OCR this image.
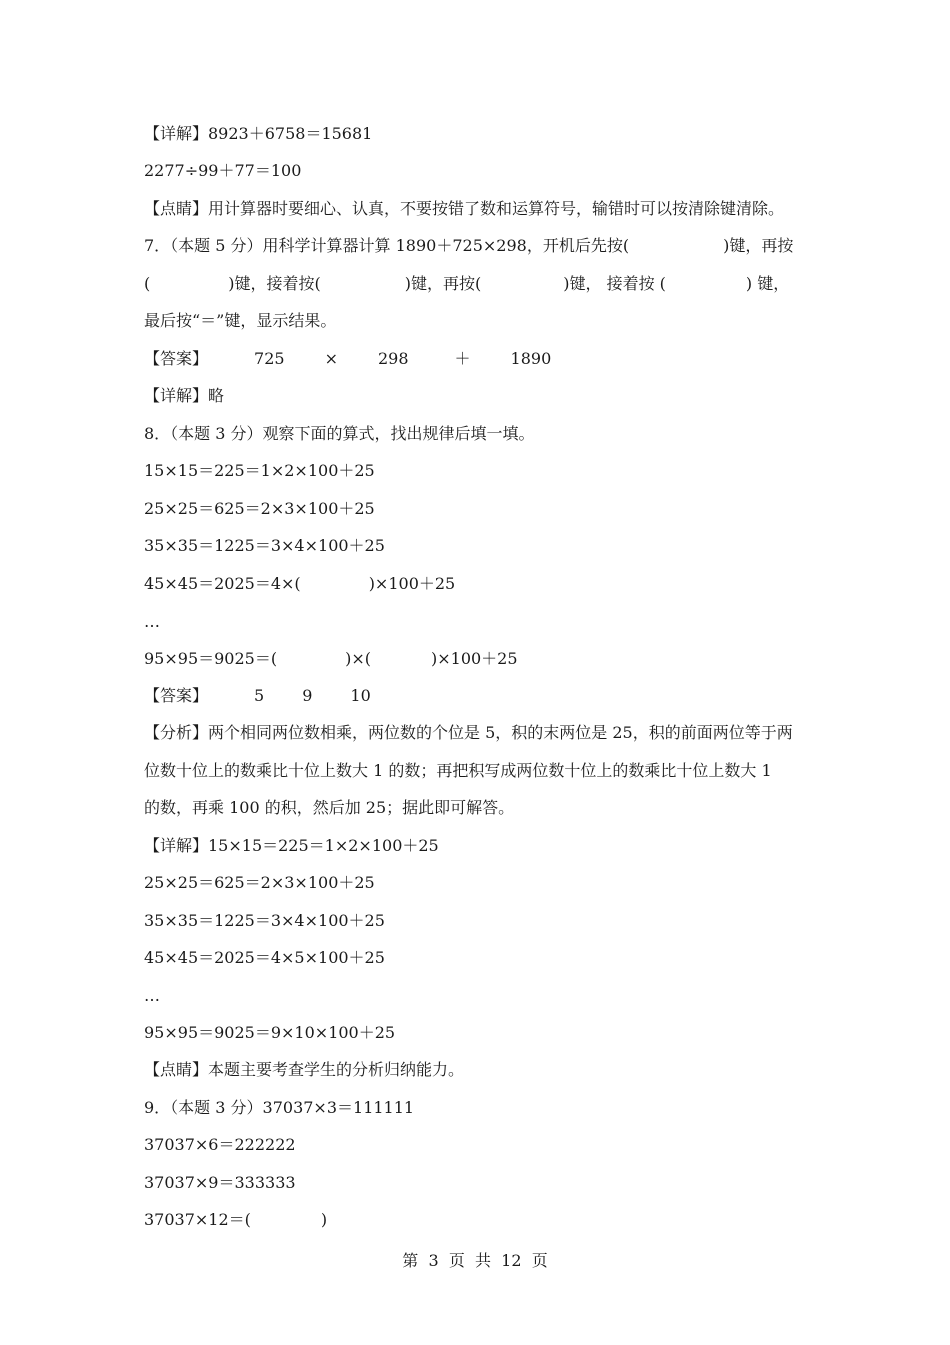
【详解】8923＋6758＝15681
2277÷99＋77＝100
【点睛】用计算器时要细心、认真，不要按错了数和运算符号，输错时可以按清除键清除。
7．（本题 5 分）用科学计算器计算 1890＋725×298，开机后先按(	)键，再按
(	)键，接着按(	)键，再按(	)键， 接着按 (	) 键，
最后按“＝”键，显示结果。
【答案】	725	×	298	＋	1890
【详解】略
8．（本题 3 分）观察下面的算式，找出规律后填一填。
15×15＝225＝1×2×100＋25
25×25＝625＝2×3×100＋25
35×35＝1225＝3×4×100＋25
45×45＝2025＝4×(	)×100＋25
…
95×95＝9025＝(	)×(	)×100＋25
【答案】	5 9 10
【分析】两个相同两位数相乘，两位数的个位是 5，积的末两位是 25，积的前面两位等于两
位数十位上的数乘比十位上数大 1 的数；再把积写成两位数十位上的数乘比十位上数大 1
的数，再乘 100 的积，然后加 25；据此即可解答。
【详解】15×15＝225＝1×2×100＋25
25×25＝625＝2×3×100＋25
35×35＝1225＝3×4×100＋25
45×45＝2025＝4×5×100＋25
…
95×95＝9025＝9×10×100＋25
【点睛】本题主要考查学生的分析归纳能力。
9．（本题 3 分）37037×3＝111111
37037×6＝222222
37037×9＝333333
37037×12＝(	)
第  3  页  共  12  页
